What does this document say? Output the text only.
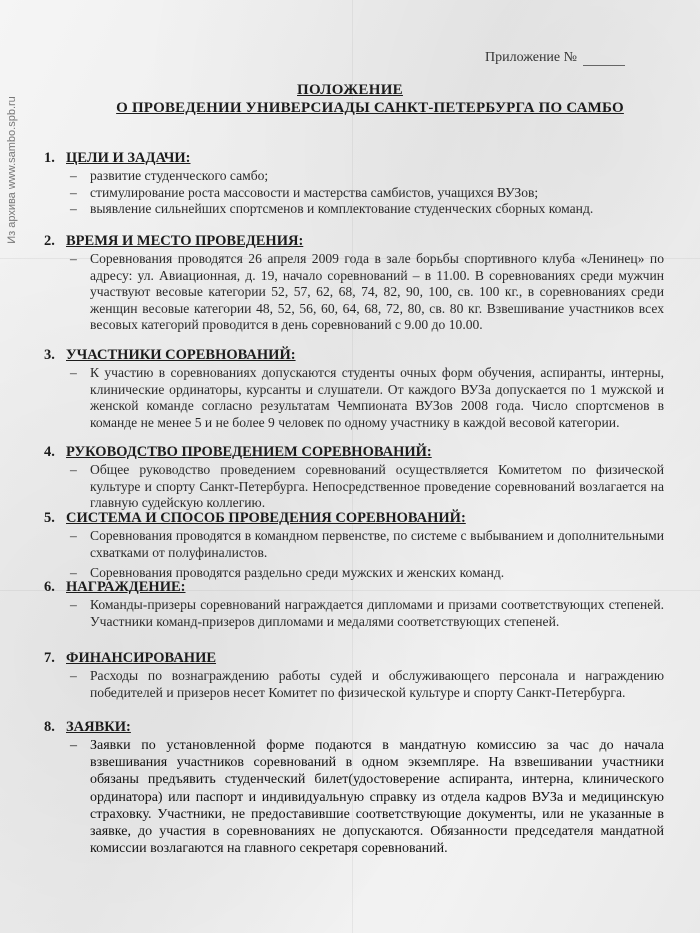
Из архива www.sambo.spb.ru
Приложение №
ПОЛОЖЕНИЕ
О ПРОВЕДЕНИИ УНИВЕРСИАДЫ САНКТ-ПЕТЕРБУРГА ПО САМБО
1. ЦЕЛИ И ЗАДАЧИ:
– развитие студенческого самбо;
– стимулирование роста массовости и мастерства самбистов, учащихся ВУЗов;
– выявление сильнейших спортсменов и комплектование студенческих сборных команд.
2. ВРЕМЯ И МЕСТО ПРОВЕДЕНИЯ:
– Соревнования проводятся 26 апреля 2009 года в зале борьбы спортивного клуба «Ленинец» по адресу: ул. Авиационная, д. 19, начало соревнований – в 11.00. В соревнованиях среди мужчин участвуют весовые категории 52, 57, 62, 68, 74, 82, 90, 100, св. 100 кг., в соревнованиях среди женщин весовые категории 48, 52, 56, 60, 64, 68, 72, 80, св. 80 кг. Взвешивание участников всех весовых категорий проводится в день соревнований с 9.00 до 10.00.
3. УЧАСТНИКИ СОРЕВНОВАНИЙ:
– К участию в соревнованиях допускаются студенты очных форм обучения, аспиранты, интерны, клинические ординаторы, курсанты и слушатели. От каждого ВУЗа допускается по 1 мужской и женской команде согласно результатам Чемпионата ВУЗов 2008 года. Число спортсменов в команде не менее 5 и не более 9 человек по одному участнику в каждой весовой категории.
4. РУКОВОДСТВО ПРОВЕДЕНИЕМ СОРЕВНОВАНИЙ:
– Общее руководство проведением соревнований осуществляется Комитетом по физической культуре и спорту Санкт-Петербурга. Непосредственное проведение соревнований возлагается на главную судейскую коллегию.
5. СИСТЕМА И СПОСОБ ПРОВЕДЕНИЯ СОРЕВНОВАНИЙ:
– Соревнования проводятся в командном первенстве, по системе с выбыванием и дополнительными схватками от полуфиналистов.
– Соревнования проводятся раздельно среди мужских и женских команд.
6. НАГРАЖДЕНИЕ:
– Команды-призеры соревнований награждается дипломами и призами соответствующих степеней. Участники команд-призеров дипломами и медалями соответствующих степеней.
7. ФИНАНСИРОВАНИЕ
– Расходы по вознаграждению работы судей и обслуживающего персонала и награждению победителей и призеров несет Комитет по физической культуре и спорту Санкт-Петербурга.
8. ЗАЯВКИ:
– Заявки по установленной форме подаются в мандатную комиссию за час до начала взвешивания участников соревнований в одном экземпляре. На взвешивании участники обязаны предъявить студенческий билет(удостоверение аспиранта, интерна, клинического ординатора) или паспорт и индивидуальную справку из отдела кадров ВУЗа и медицинскую страховку. Участники, не предоставившие соответствующие документы, или не указанные в заявке, до участия в соревнованиях не допускаются. Обязанности председателя мандатной комиссии возлагаются на главного секретаря соревнований.
